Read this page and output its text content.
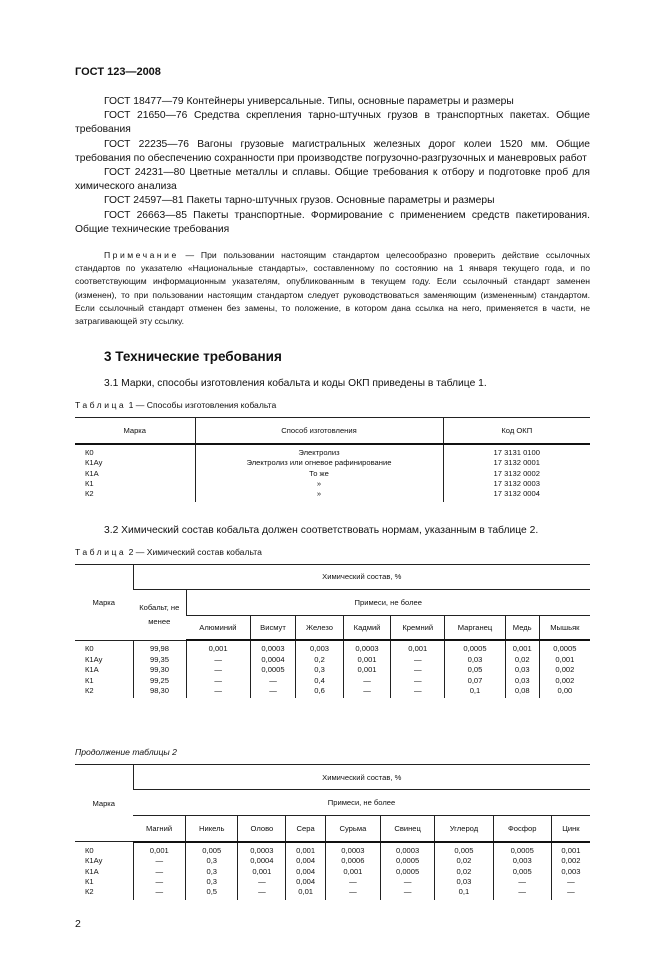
ГОСТ 123—2008

ГОСТ 18477—79 Контейнеры универсальные. Типы, основные параметры и размеры

ГОСТ 21650—76 Средства скрепления тарно-штучных грузов в транспортных пакетах. Общие требования

ГОСТ 22235—76 Вагоны грузовые магистральных железных дорог колеи 1520 мм. Общие требования по обеспечению сохранности при производстве погрузочно-разгрузочных и маневровых работ

ГОСТ 24231—80 Цветные металлы и сплавы. Общие требования к отбору и подготовке проб для химического анализа

ГОСТ 24597—81 Пакеты тарно-штучных грузов. Основные параметры и размеры

ГОСТ 26663—85 Пакеты транспортные. Формирование с применением средств пакетирования. Общие технические требования

Примечание — При пользовании настоящим стандартом целесообразно проверить действие ссылочных стандартов по указателю «Национальные стандарты», составленному по состоянию на 1 января текущего года, и по соответствующим информационным указателям, опубликованным в текущем году. Если ссылочный стандарт заменен (изменен), то при пользовании настоящим стандартом следует руководствоваться заменяющим (измененным) стандартом. Если ссылочный стандарт отменен без замены, то положение, в котором дана ссылка на него, применяется в части, не затрагивающей эту ссылку.

3 Технические требования
3.1 Марки, способы изготовления кобальта и коды ОКП приведены в таблице 1.
Таблица 1 — Способы изготовления кобальта
Марка	Способ изготовления	Код ОКП
К0	Электролиз	17 3131 0100
К1Ау	Электролиз или огневое рафинирование	17 3132 0001
К1А	То же	17 3132 0002
К1	»	17 3132 0003
К2	»	17 3132 0004
3.2 Химический состав кобальта должен соответствовать нормам, указанным в таблице 2.
Таблица 2 — Химический состав кобальта
Марка	Химический состав, %								
	Кобальт, не менее	Примеси, не более							
		Алюминий	Висмут	Железо	Кадмий	Кремний	Марганец	Медь	Мышьяк
К0	99,98	0,001	0,0003	0,003	0,0003	0,001	0,0005	0,001	0,0005
К1Ау	99,35	—	0,0004	0,2	0,001	—	0,03	0,02	0,001
К1А	99,30	—	0,0005	0,3	0,001	—	0,05	0,03	0,002
К1	99,25	—	—	0,4	—	—	0,07	0,03	0,002
К2	98,30	—	—	0,6	—	—	0,1	0,08	0,00
Продолжение таблицы 2
Марка	Химический состав, %								
	Примеси, не более								
	Магний	Никель	Олово	Сера	Сурьма	Свинец	Углерод	Фосфор	Цинк
К0	0,001	0,005	0,0003	0,001	0,0003	0,0003	0,005	0,0005	0,001
К1Ау	—	0,3	0,0004	0,004	0,0006	0,0005	0,02	0,003	0,002
К1А	—	0,3	0,001	0,004	0,001	0,0005	0,02	0,005	0,003
К1	—	0,3	—	0,004	—	—	0,03	—	—
К2	—	0,5	—	0,01	—	—	0,1	—	—
2
